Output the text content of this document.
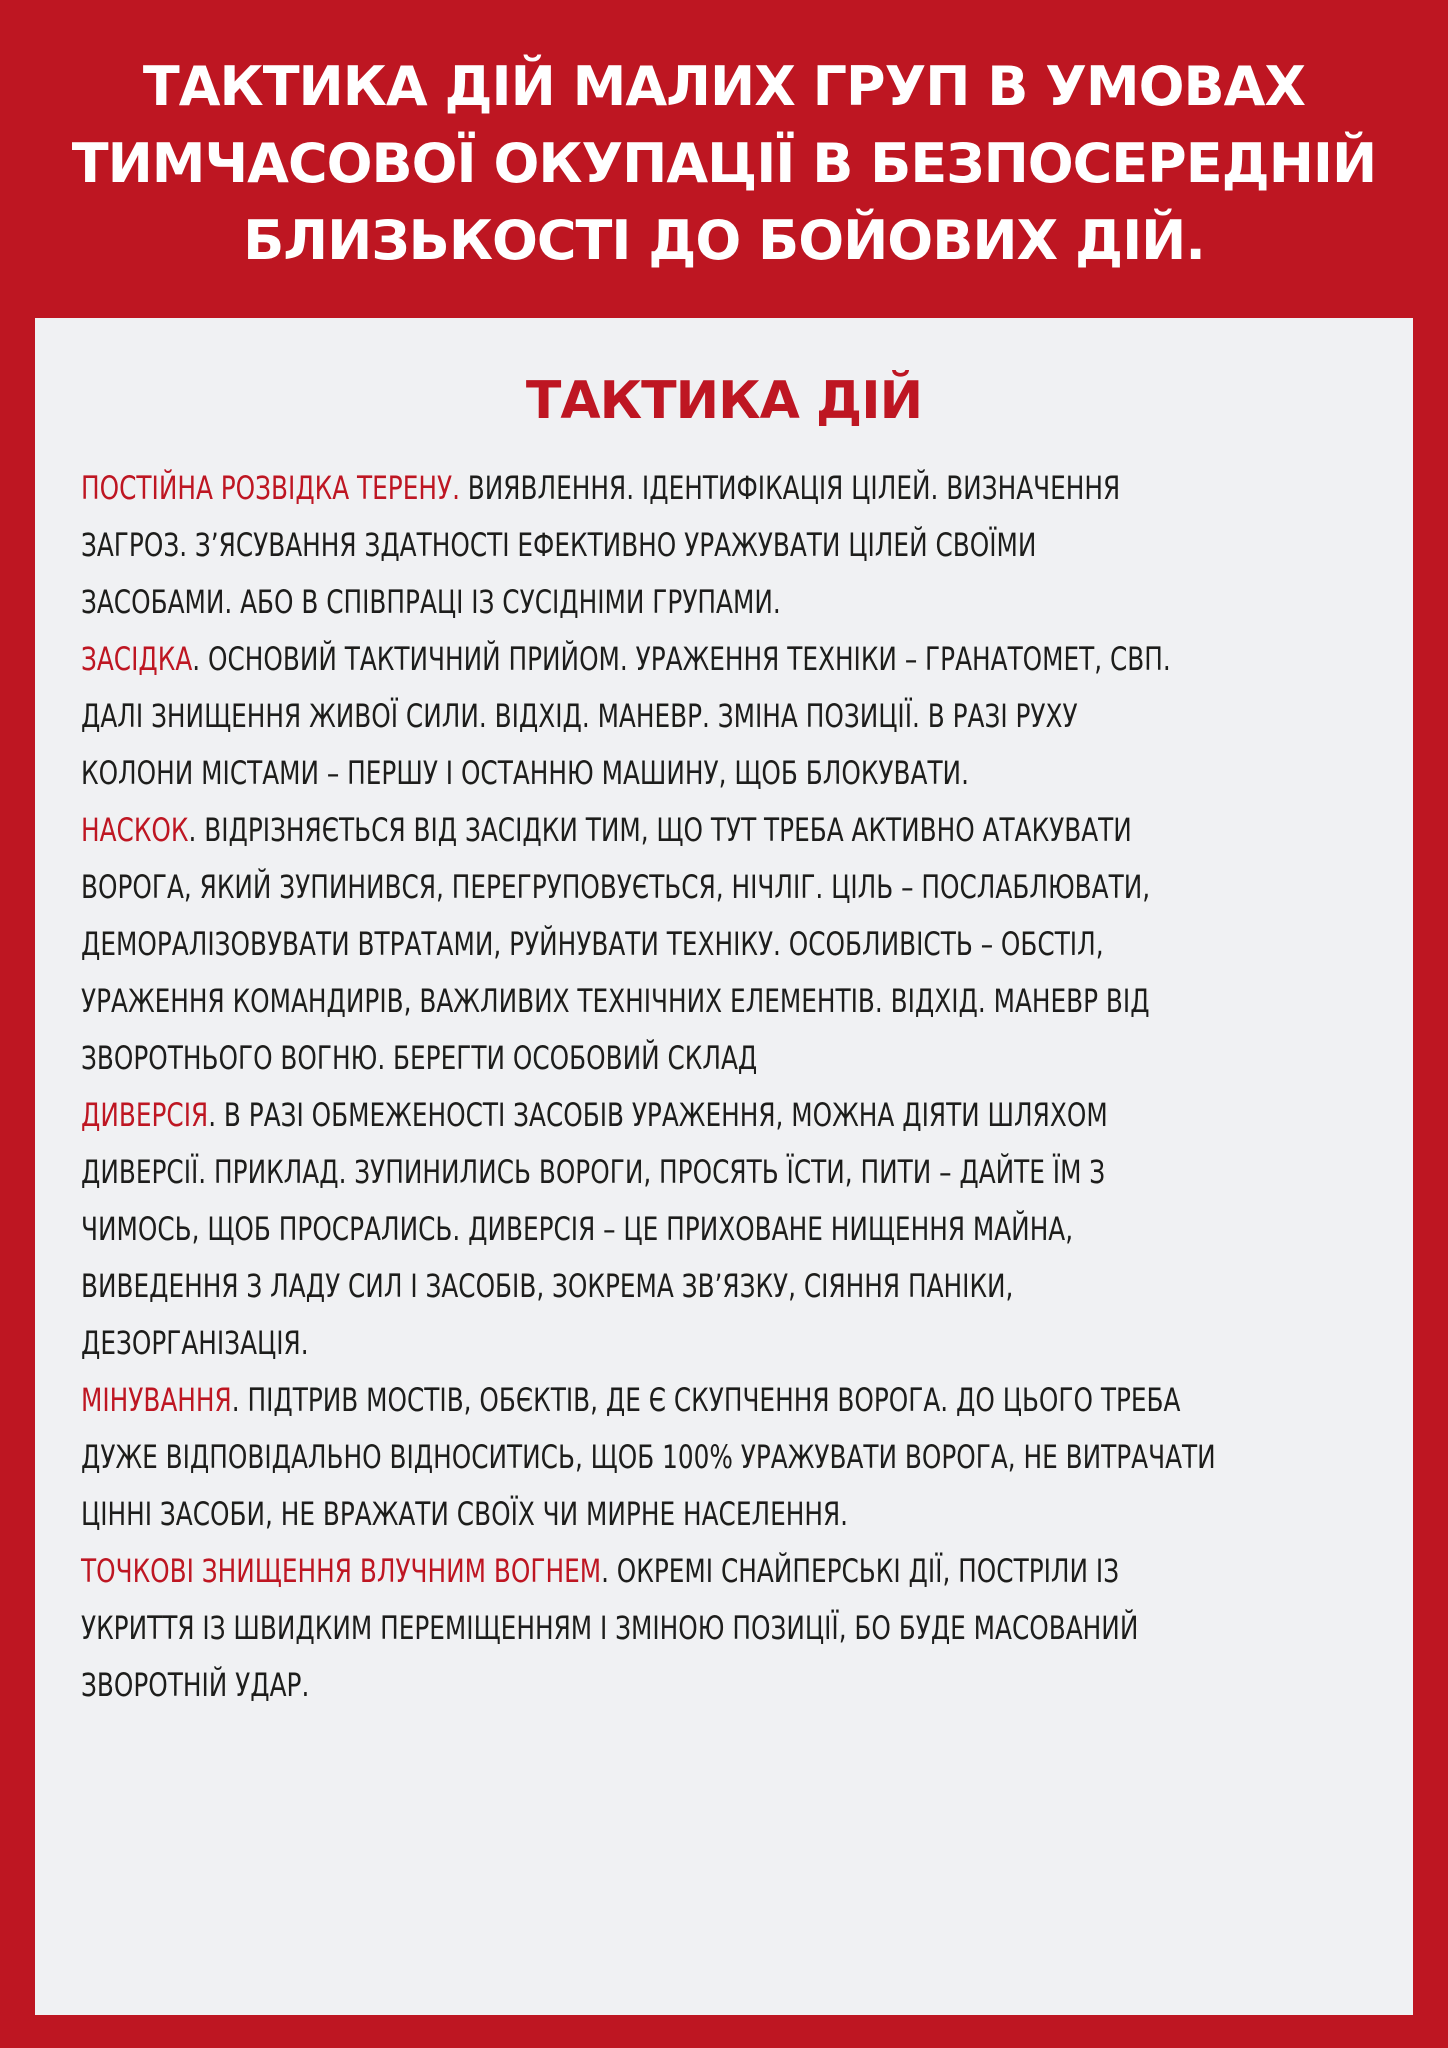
ТАКТИКА ДІЙ МАЛИХ ГРУП В УМОВАХ
ТИМЧАСОВОЇ ОКУПАЦІЇ В БЕЗПОСЕРЕДНІЙ
БЛИЗЬКОСТІ ДО БОЙОВИХ ДІЙ.
ТАКТИКА ДІЙ

ПОСТІЙНА РОЗВІДКА ТЕРЕНУ. ВИЯВЛЕННЯ. ІДЕНТИФІКАЦІЯ ЦІЛЕЙ. ВИЗНАЧЕННЯ
ЗАГРОЗ. З’ЯСУВАННЯ ЗДАТНОСТІ ЕФЕКТИВНО УРАЖУВАТИ ЦІЛЕЙ СВОЇМИ
ЗАСОБАМИ. АБО В СПІВПРАЦІ ІЗ СУСІДНІМИ ГРУПАМИ.

ЗАСІДКА. ОСНОВИЙ ТАКТИЧНИЙ ПРИЙОМ. УРАЖЕННЯ ТЕХНІКИ – ГРАНАТОМЕТ, СВП.
ДАЛІ ЗНИЩЕННЯ ЖИВОЇ СИЛИ. ВІДХІД. МАНЕВР. ЗМІНА ПОЗИЦІЇ. В РАЗІ РУХУ
КОЛОНИ МІСТАМИ – ПЕРШУ І ОСТАННЮ МАШИНУ, ЩОБ БЛОКУВАТИ.

НАСКОК. ВІДРІЗНЯЄТЬСЯ ВІД ЗАСІДКИ ТИМ, ЩО ТУТ ТРЕБА АКТИВНО АТАКУВАТИ
ВОРОГА, ЯКИЙ ЗУПИНИВСЯ, ПЕРЕГРУПОВУЄТЬСЯ, НІЧЛІГ. ЦІЛЬ – ПОСЛАБЛЮВАТИ,
ДЕМОРАЛІЗОВУВАТИ ВТРАТАМИ, РУЙНУВАТИ ТЕХНІКУ. ОСОБЛИВІСТЬ – ОБСТІЛ,
УРАЖЕННЯ КОМАНДИРІВ, ВАЖЛИВИХ ТЕХНІЧНИХ ЕЛЕМЕНТІВ. ВІДХІД. МАНЕВР ВІД
ЗВОРОТНЬОГО ВОГНЮ. БЕРЕГТИ ОСОБОВИЙ СКЛАД

ДИВЕРСІЯ. В РАЗІ ОБМЕЖЕНОСТІ ЗАСОБІВ УРАЖЕННЯ, МОЖНА ДІЯТИ ШЛЯХОМ
ДИВЕРСІЇ. ПРИКЛАД. ЗУПИНИЛИСЬ ВОРОГИ, ПРОСЯТЬ ЇСТИ, ПИТИ – ДАЙТЕ ЇМ З
ЧИМОСЬ, ЩОБ ПРОСРАЛИСЬ. ДИВЕРСІЯ – ЦЕ ПРИХОВАНЕ НИЩЕННЯ МАЙНА,
ВИВЕДЕННЯ З ЛАДУ СИЛ І ЗАСОБІВ, ЗОКРЕМА ЗВ’ЯЗКУ, СІЯННЯ ПАНІКИ,
ДЕЗОРГАНІЗАЦІЯ.

МІНУВАННЯ. ПІДТРИВ МОСТІВ, ОБЄКТІВ, ДЕ Є СКУПЧЕННЯ ВОРОГА. ДО ЦЬОГО ТРЕБА
ДУЖЕ ВІДПОВІДАЛЬНО ВІДНОСИТИСЬ, ЩОБ 100% УРАЖУВАТИ ВОРОГА, НЕ ВИТРАЧАТИ
ЦІННІ ЗАСОБИ, НЕ ВРАЖАТИ СВОЇХ ЧИ МИРНЕ НАСЕЛЕННЯ.

ТОЧКОВІ ЗНИЩЕННЯ ВЛУЧНИМ ВОГНЕМ. ОКРЕМІ СНАЙПЕРСЬКІ ДІЇ, ПОСТРІЛИ ІЗ
УКРИТТЯ ІЗ ШВИДКИМ ПЕРЕМІЩЕННЯМ І ЗМІНОЮ ПОЗИЦІЇ, БО БУДЕ МАСОВАНИЙ
ЗВОРОТНІЙ УДАР.
